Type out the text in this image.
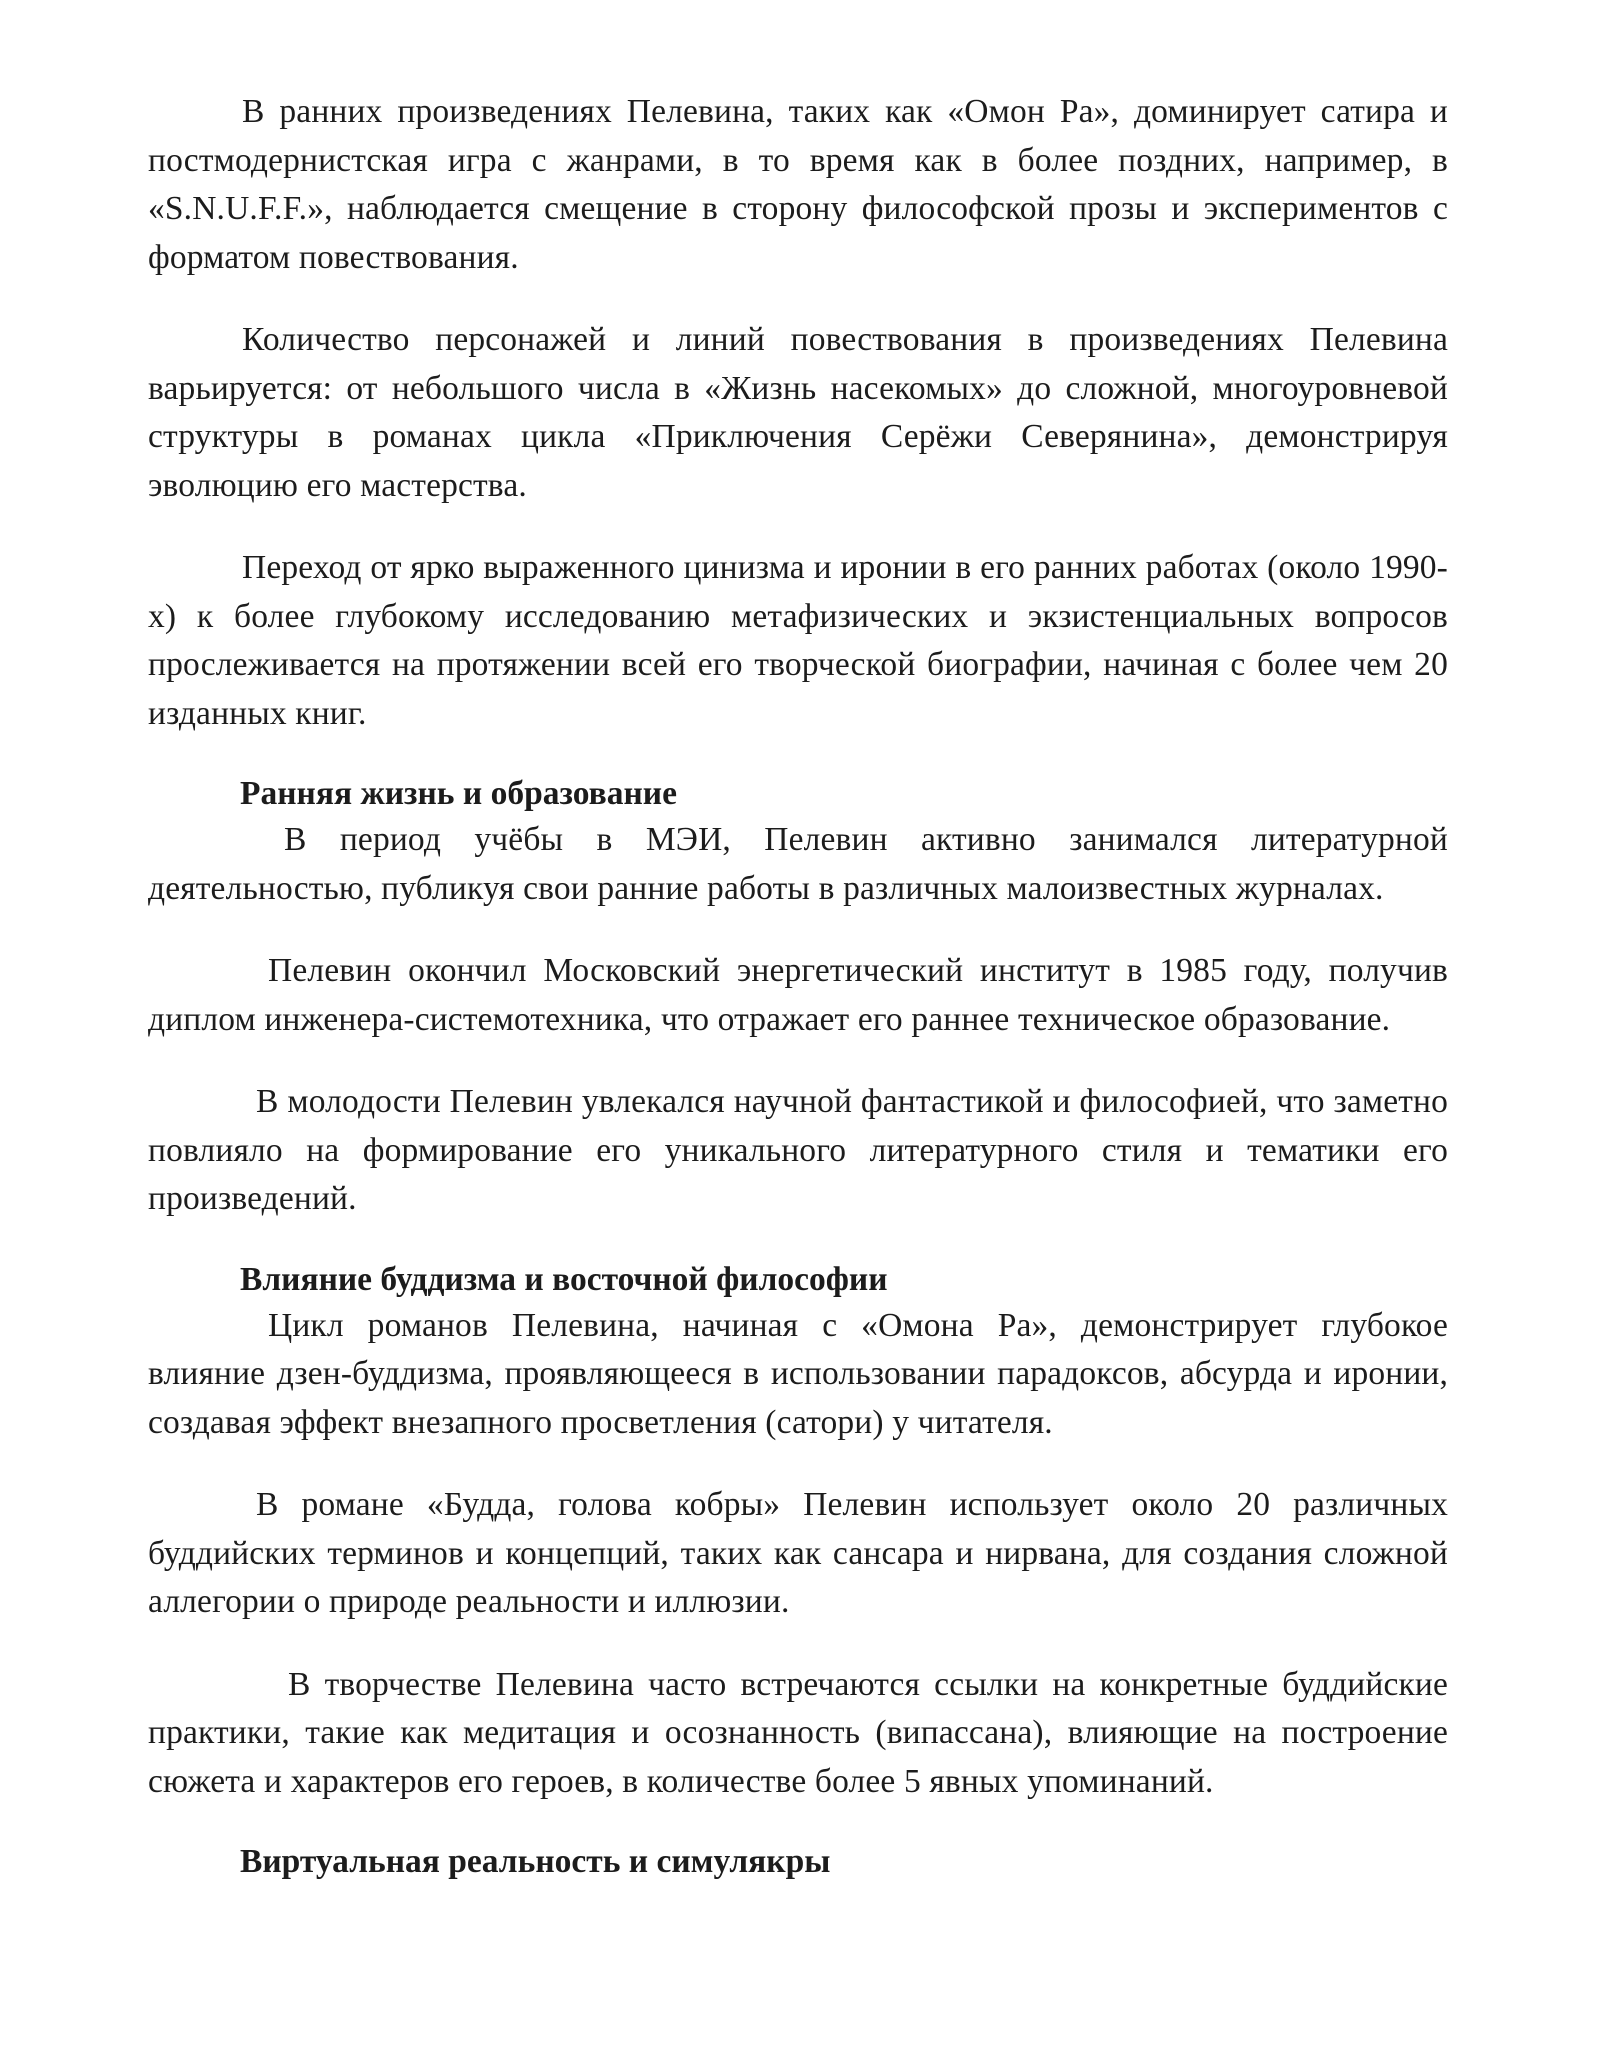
В ранних произведениях Пелевина, таких как «Омон Ра», доминирует сатира и постмодернистская игра с жанрами, в то время как в более поздних, например, в «S.N.U.F.F.», наблюдается смещение в сторону философской прозы и экспериментов с форматом повествования.

Количество персонажей и линий повествования в произведениях Пелевина варьируется: от небольшого числа в «Жизнь насекомых» до сложной, многоуровневой структуры в романах цикла «Приключения Серёжи Северянина», демонстрируя эволюцию его мастерства.

Переход от ярко выраженного цинизма и иронии в его ранних работах (около 1990-х) к более глубокому исследованию метафизических и экзистенциальных вопросов прослеживается на протяжении всей его творческой биографии, начиная с более чем 20 изданных книг.

Ранняя жизнь и образование

В период учёбы в МЭИ, Пелевин активно занимался литературной деятельностью, публикуя свои ранние работы в различных малоизвестных журналах.

Пелевин окончил Московский энергетический институт в 1985 году, получив диплом инженера-системотехника, что отражает его раннее техническое образование.

В молодости Пелевин увлекался научной фантастикой и философией, что заметно повлияло на формирование его уникального литературного стиля и тематики его произведений.

Влияние буддизма и восточной философии

Цикл романов Пелевина, начиная с «Омона Ра», демонстрирует глубокое влияние дзен-буддизма, проявляющееся в использовании парадоксов, абсурда и иронии, создавая эффект внезапного просветления (сатори) у читателя.

В романе «Будда, голова кобры» Пелевин использует около 20 различных буддийских терминов и концепций, таких как сансара и нирвана, для создания сложной аллегории о природе реальности и иллюзии.

В творчестве Пелевина часто встречаются ссылки на конкретные буддийские практики, такие как медитация и осознанность (випассана), влияющие на построение сюжета и характеров его героев, в количестве более 5 явных упоминаний.

Виртуальная реальность и симулякры
